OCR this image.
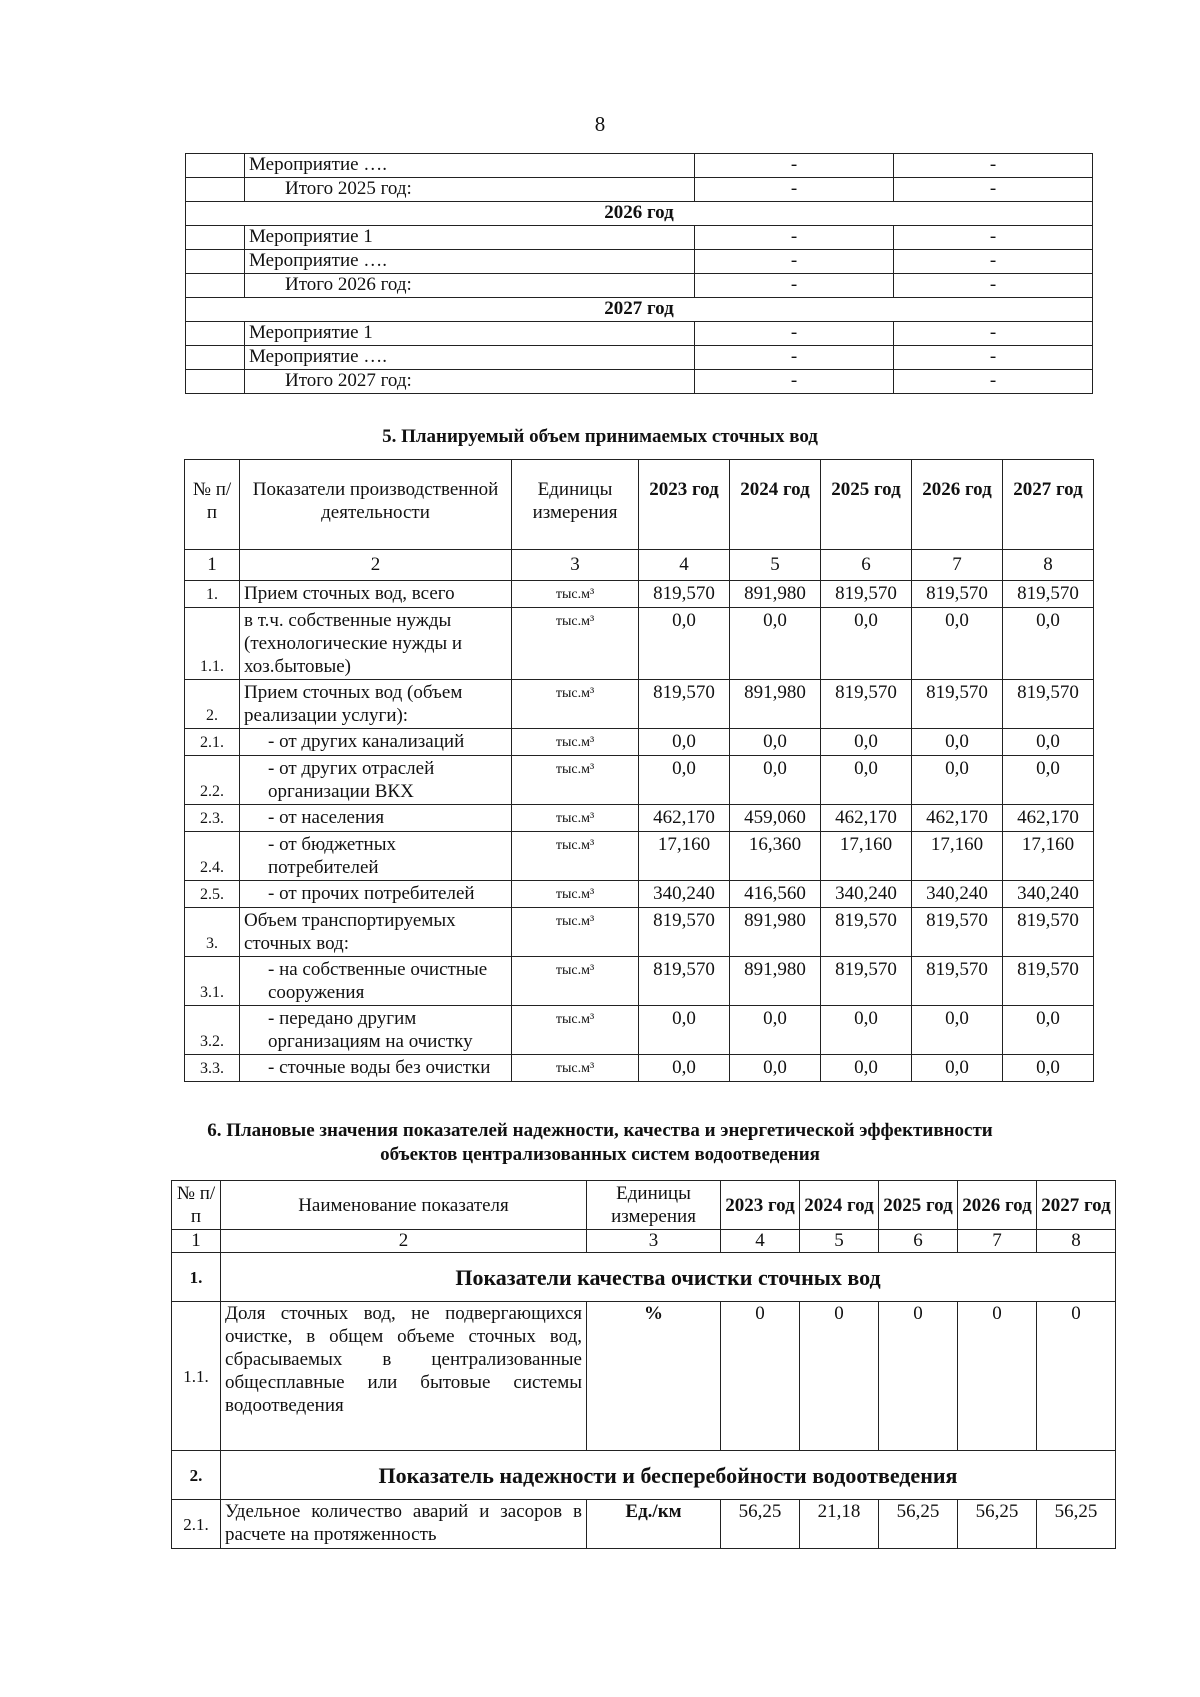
8
	Мероприятие ….	-	-
	Итого 2025 год:	-	-
2026 год			
	Мероприятие 1	-	-
	Мероприятие ….	-	-
	Итого 2026 год:	-	-
2027 год			
	Мероприятие 1	-	-
	Мероприятие ….	-	-
	Итого 2027 год:	-	-
5. Планируемый объем принимаемых сточных вод
№ п/п	Показатели производственной деятельности	Единицы измерения	2023 год	2024 год	2025 год	2026 год	2027 год
1	2	3	4	5	6	7	8
1.	Прием сточных вод, всего	тыс.м³	819,570	891,980	819,570	819,570	819,570
1.1.	в т.ч. собственные нужды (технологические нужды и хоз.бытовые)	тыс.м³	0,0	0,0	0,0	0,0	0,0
2.	Прием сточных вод (объем реализации услуги):	тыс.м³	819,570	891,980	819,570	819,570	819,570
2.1.	- от других канализаций	тыс.м³	0,0	0,0	0,0	0,0	0,0
2.2.	- от других отраслей организации ВКХ	тыс.м³	0,0	0,0	0,0	0,0	0,0
2.3.	- от населения	тыс.м³	462,170	459,060	462,170	462,170	462,170
2.4.	- от бюджетных потребителей	тыс.м³	17,160	16,360	17,160	17,160	17,160
2.5.	- от прочих потребителей	тыс.м³	340,240	416,560	340,240	340,240	340,240
3.	Объем транспортируемых сточных вод:	тыс.м³	819,570	891,980	819,570	819,570	819,570
3.1.	- на собственные очистные сооружения	тыс.м³	819,570	891,980	819,570	819,570	819,570
3.2.	- передано другим организациям на очистку	тыс.м³	0,0	0,0	0,0	0,0	0,0
3.3.	- сточные воды без очистки	тыс.м³	0,0	0,0	0,0	0,0	0,0
6. Плановые значения показателей надежности, качества и энергетической эффективности
объектов централизованных систем водоотведения
№ п/п	Наименование показателя	Единицы измерения	2023 год	2024 год	2025 год	2026 год	2027 год
1	2	3	4	5	6	7	8
1.	Показатели качества очистки сточных вод						
1.1.	Доля сточных вод, не подвергающихся очистке, в общем объеме сточных вод, сбрасываемых в централизованные общесплавные или бытовые системы водоотведения	%	0	0	0	0	0
2.	Показатель надежности и бесперебойности водоотведения						
2.1.	Удельное количество аварий и засоров в расчете на протяженность	Ед./км	56,25	21,18	56,25	56,25	56,25
